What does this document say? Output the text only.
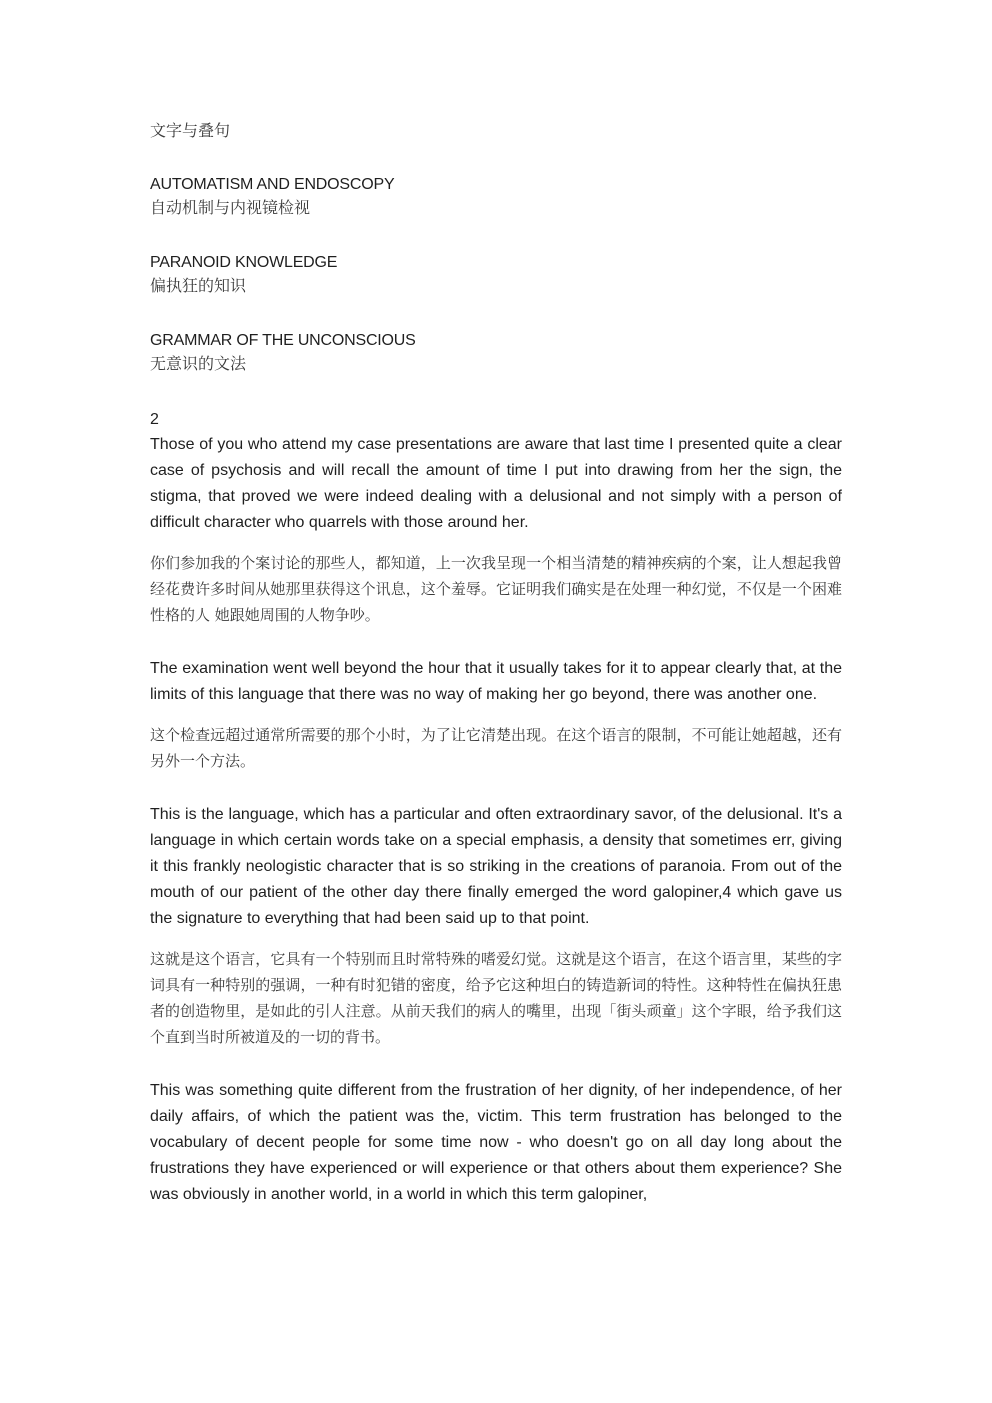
文字与叠句
AUTOMATISM AND ENDOSCOPY
自动机制与内视镜检视
PARANOID KNOWLEDGE
偏执狂的知识
GRAMMAR OF THE UNCONSCIOUS
无意识的文法
2

Those of you who attend my case presentations are aware that last time I presented quite a clear case of psychosis and will recall the amount of time I put into drawing from her the sign, the stigma, that proved we were indeed dealing with a delusional and not simply with a person of difficult character who quarrels with those around her.

你们参加我的个案讨论的那些人，都知道，上一次我呈现一个相当清楚的精神疾病的个案，让人想起我曾经花费许多时间从她那里获得这个讯息，这个羞辱。它证明我们确实是在处理一种幻觉，不仅是一个困难性格的人 她跟她周围的人物争吵。

The examination went well beyond the hour that it usually takes for it to appear clearly that, at the limits of this language that there was no way of making her go beyond, there was another one.

这个检查远超过通常所需要的那个小时，为了让它清楚出现。在这个语言的限制，不可能让她超越，还有另外一个方法。

This is the language, which has a particular and often extraordinary savor, of the delusional. It's a language in which certain words take on a special emphasis, a density that sometimes err, giving it this frankly neologistic character that is so striking in the creations of paranoia. From out of the mouth of our patient of the other day there finally emerged the word galopiner,4 which gave us the signature to everything that had been said up to that point.

这就是这个语言，它具有一个特别而且时常特殊的嗜爱幻觉。这就是这个语言，在这个语言里，某些的字词具有一种特别的强调，一种有时犯错的密度，给予它这种坦白的铸造新词的特性。这种特性在偏执狂患者的创造物里，是如此的引人注意。从前天我们的病人的嘴里，出现「街头顽童」这个字眼，给予我们这个直到当时所被道及的一切的背书。

This was something quite different from the frustration of her dignity, of her independence, of her daily affairs, of which the patient was the, victim. This term frustration has belonged to the vocabulary of decent people for some time now - who doesn't go on all day long about the frustrations they have experienced or will experience or that others about them experience? She was obviously in another world, in a world in which this term galopiner,
